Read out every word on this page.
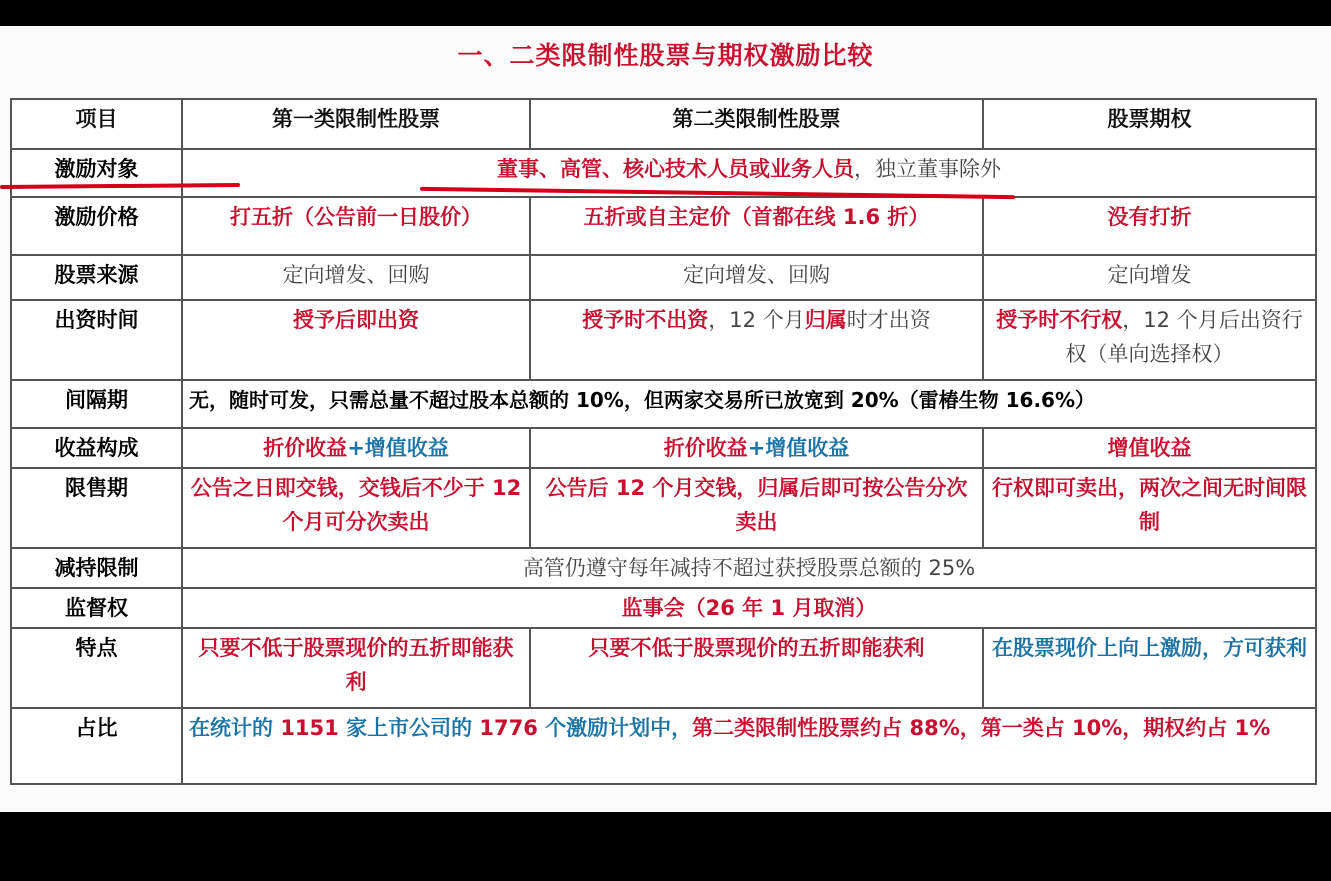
一、二类限制性股票与期权激励比较
项目	第一类限制性股票	第二类限制性股票	股票期权
激励对象	董事、高管、核心技术人员或业务人员，独立董事除外		
激励价格	打五折（公告前一日股价）	五折或自主定价（首都在线 1.6 折）	没有打折
股票来源	定向增发、回购	定向增发、回购	定向增发
出资时间	授予后即出资	授予时不出资，12 个月归属时才出资	授予时不行权，12 个月后出资行权（单向选择权）
间隔期	无，随时可发，只需总量不超过股本总额的 10%，但两家交易所已放宽到 20%（雷椿生物 16.6%）		
收益构成	折价收益+增值收益	折价收益+增值收益	增值收益
限售期	公告之日即交钱，交钱后不少于 12 个月可分次卖出	公告后 12 个月交钱，归属后即可按公告分次卖出	行权即可卖出，两次之间无时间限制
减持限制	高管仍遵守每年减持不超过获授股票总额的 25%		
监督权	监事会（26 年 1 月取消）		
特点	只要不低于股票现价的五折即能获利	只要不低于股票现价的五折即能获利	在股票现价上向上激励，方可获利
占比	在统计的 1151 家上市公司的 1776 个激励计划中，第二类限制性股票约占 88%，第一类占 10%，期权约占 1%		
